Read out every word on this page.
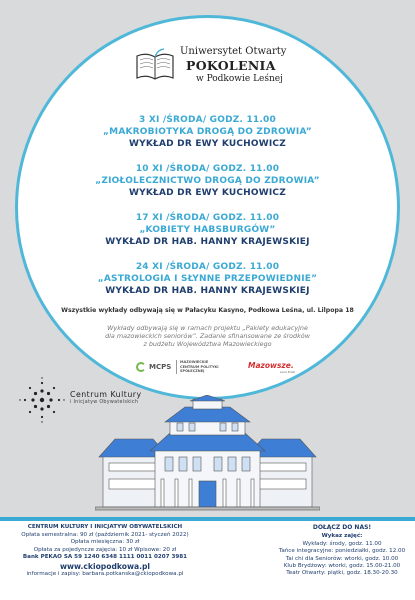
Uniwersytet Otwarty
POKOLENIA
w Podkowie Leśnej
3 XI /ŚRODA/ GODZ. 11.00
„MAKROBIOTYKA DROGĄ DO ZDROWIA”
WYKŁAD DR EWY KUCHOWICZ
10 XI /ŚRODA/ GODZ. 11.00
„ZIOŁOLECZNICTWO DROGĄ DO ZDROWIA”
WYKŁAD DR EWY KUCHOWICZ
17 XI /ŚRODA/ GODZ. 11.00
„KOBIETY HABSBURGÓW”
WYKŁAD DR HAB. HANNY KRAJEWSKIEJ
24 XI /ŚRODA/ GODZ. 11.00
„ASTROLOGIA I SŁYNNE PRZEPOWIEDNIE”
WYKŁAD DR HAB. HANNY KRAJEWSKIEJ
Wszystkie wykłady odbywają się w Pałacyku Kasyno, Podkowa Leśna, ul. Lilpopa 18
Wykłady odbywają się w ramach projektu „Pakiety edukacyjne
dla mazowieckich seniorów”. Zadanie sfinansowane ze środków
z budżetu Województwa Mazowieckiego
MCPS
MAZOWIECKIE
CENTRUM POLITYKI
SPOŁECZNEJ
Mazowsze.
serce Polski
Centrum Kultury
i Inicjatyw Obywatelskich
CENTRUM KULTURY I INICJATYW OBYWATELSKICH
Opłata semestralna: 90 zł (październik 2021- styczeń 2022)
Opłata miesięczna: 30 zł
Opłata za pojedyncze zajęcia: 10 zł Wpisowe: 20 zł
Bank PEKAO SA 59 1240 6348 1111 0011 0207 3981
www.ckiopodkowa.pl
informacje i zapisy: barbara.potkanska@ckiopodkowa.pl
DOŁĄCZ DO NAS!
Wykaz zajęć:
Wykłady: środy, godz. 11.00
Tańce integracyjne: poniedziałki, godz. 12.00
Tai chi dla Seniorów: wtorki, godz. 10.00
Klub Brydżowy: wtorki, godz. 15.00-21.00
Teatr Otwarty: piątki, godz. 18.30-20.30
